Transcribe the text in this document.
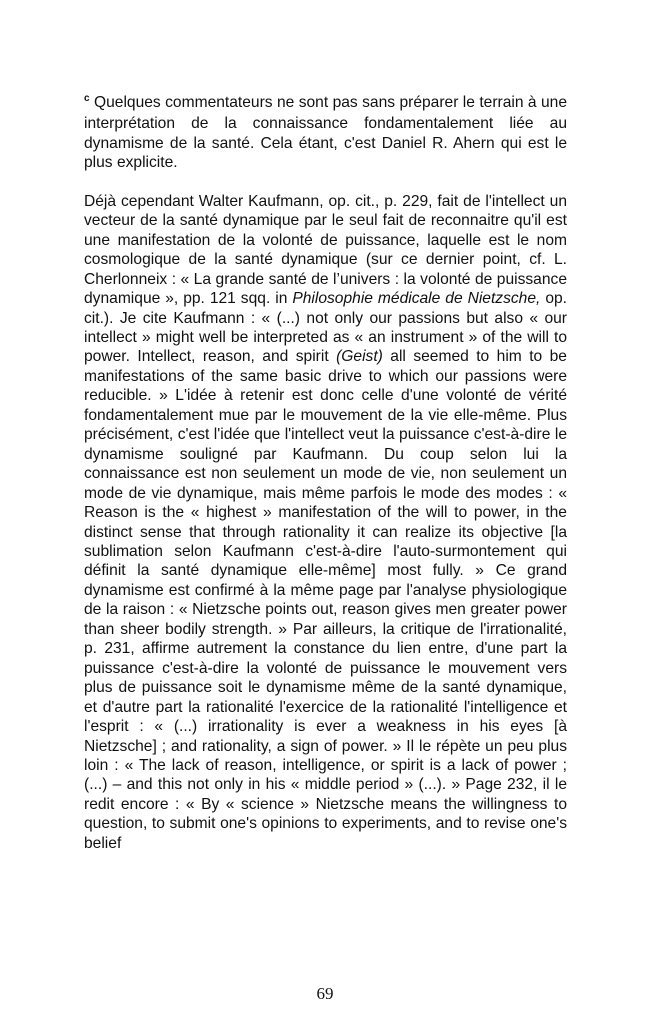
$^c$ Quelques commentateurs ne sont pas sans préparer le terrain à une interprétation de la connaissance fondamentalement liée au dynamisme de la santé. Cela étant, c'est Daniel R. Ahern qui est le plus explicite.

Déjà cependant Walter Kaufmann, op. cit., p. 229, fait de l'intellect un vecteur de la santé dynamique par le seul fait de reconnaitre qu'il est une manifestation de la volonté de puissance, laquelle est le nom cosmologique de la santé dynamique (sur ce dernier point, cf. L. Cherlonneix : « La grande santé de l’univers : la volonté de puissance dynamique », pp. 121 sqq. in Philosophie médicale de Nietzsche, op. cit.). Je cite Kaufmann : « (...) not only our passions but also « our intellect » might well be interpreted as « an instrument » of the will to power. Intellect, reason, and spirit (Geist) all seemed to him to be manifestations of the same basic drive to which our passions were reducible. » L'idée à retenir est donc celle d'une volonté de vérité fondamentalement mue par le mouvement de la vie elle-même. Plus précisément, c'est l'idée que l'intellect veut la puissance c'est-à-dire le dynamisme souligné par Kaufmann. Du coup selon lui la connaissance est non seulement un mode de vie, non seulement un mode de vie dynamique, mais même parfois le mode des modes : « Reason is the « highest » manifestation of the will to power, in the distinct sense that through rationality it can realize its objective [la sublimation selon Kaufmann c'est-à-dire l'auto-surmontement qui définit la santé dynamique elle-même] most fully. » Ce grand dynamisme est confirmé à la même page par l'analyse physiologique de la raison : « Nietzsche points out, reason gives men greater power than sheer bodily strength. » Par ailleurs, la critique de l'irrationalité, p. 231, affirme autrement la constance du lien entre, d'une part la puissance c'est-à-dire la volonté de puissance le mouvement vers plus de puissance soit le dynamisme même de la santé dynamique, et d'autre part la rationalité l'exercice de la rationalité l'intelligence et l'esprit : « (...) irrationality is ever a weakness in his eyes [à Nietzsche] ; and rationality, a sign of power. » Il le répète un peu plus loin : « The lack of reason, intelligence, or spirit is a lack of power ; (...) – and this not only in his « middle period » (...). » Page 232, il le redit encore : « By « science » Nietzsche means the willingness to question, to submit one's opinions to experiments, and to revise one's belief

69
